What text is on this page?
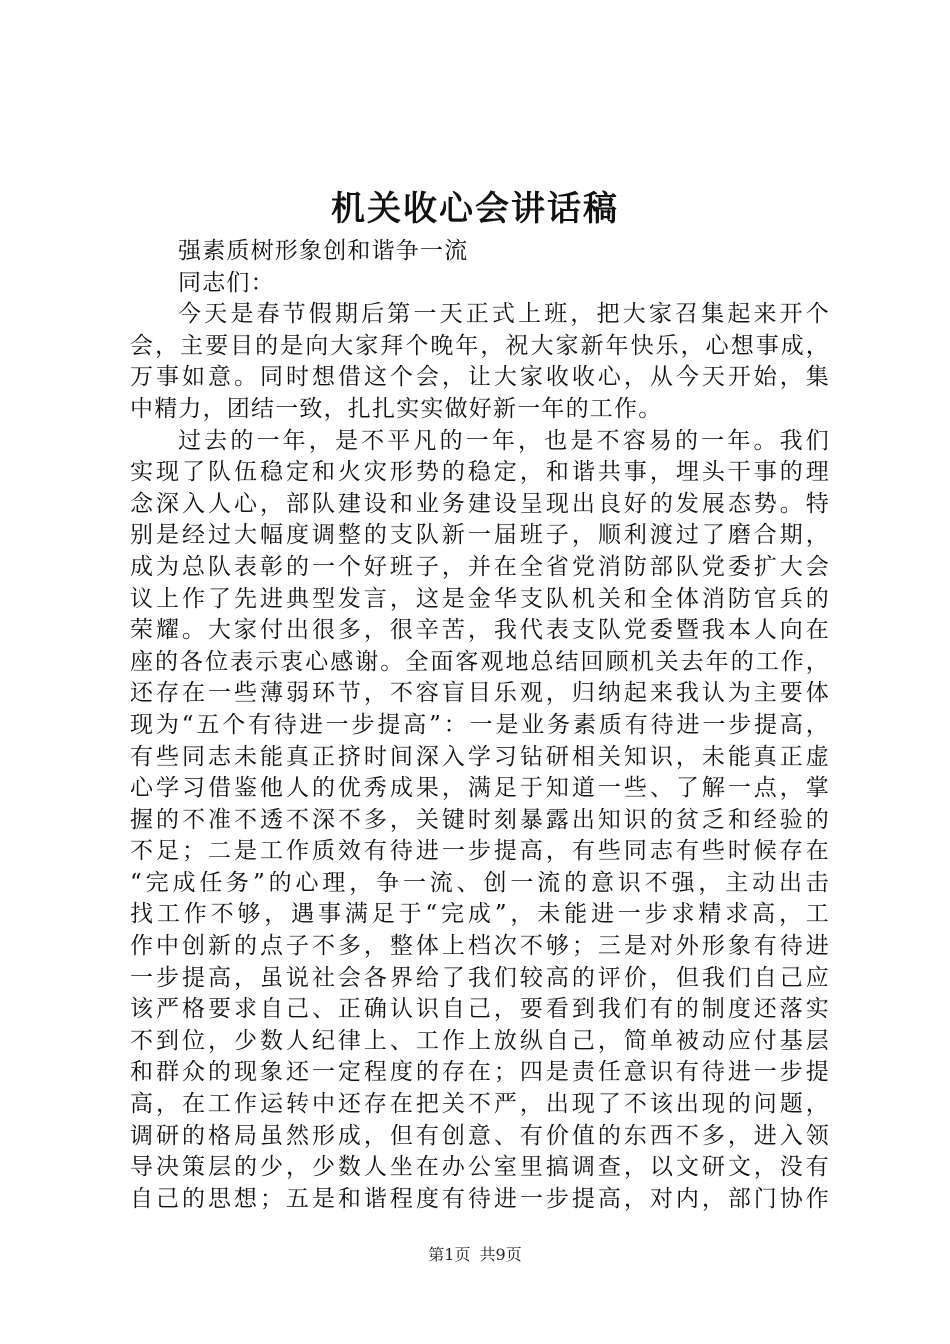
机关收心会讲话稿
强素质树形象创和谐争一流
同志们：
今天是春节假期后第一天正式上班，把大家召集起来开个
会，主要目的是向大家拜个晚年，祝大家新年快乐，心想事成，
万事如意。同时想借这个会，让大家收收心，从今天开始，集
中精力，团结一致，扎扎实实做好新一年的工作。
过去的一年，是不平凡的一年，也是不容易的一年。我们
实现了队伍稳定和火灾形势的稳定，和谐共事，埋头干事的理
念深入人心，部队建设和业务建设呈现出良好的发展态势。特
别是经过大幅度调整的支队新一届班子，顺利渡过了磨合期，
成为总队表彰的一个好班子，并在全省党消防部队党委扩大会
议上作了先进典型发言，这是金华支队机关和全体消防官兵的
荣耀。大家付出很多，很辛苦，我代表支队党委暨我本人向在
座的各位表示衷心感谢。全面客观地总结回顾机关去年的工作，
还存在一些薄弱环节，不容盲目乐观，归纳起来我认为主要体
现为“五个有待进一步提高”：一是业务素质有待进一步提高，
有些同志未能真正挤时间深入学习钻研相关知识，未能真正虚
心学习借鉴他人的优秀成果，满足于知道一些、了解一点，掌
握的不准不透不深不多，关键时刻暴露出知识的贫乏和经验的
不足；二是工作质效有待进一步提高，有些同志有些时候存在
“完成任务”的心理，争一流、创一流的意识不强，主动出击
找工作不够，遇事满足于“完成”，未能进一步求精求高，工
作中创新的点子不多，整体上档次不够；三是对外形象有待进
一步提高，虽说社会各界给了我们较高的评价，但我们自己应
该严格要求自己、正确认识自己，要看到我们有的制度还落实
不到位，少数人纪律上、工作上放纵自己，简单被动应付基层
和群众的现象还一定程度的存在；四是责任意识有待进一步提
高，在工作运转中还存在把关不严，出现了不该出现的问题，
调研的格局虽然形成，但有创意、有价值的东西不多，进入领
导决策层的少，少数人坐在办公室里搞调查，以文研文，没有
自己的思想；五是和谐程度有待进一步提高，对内，部门协作
第1页 共9页
